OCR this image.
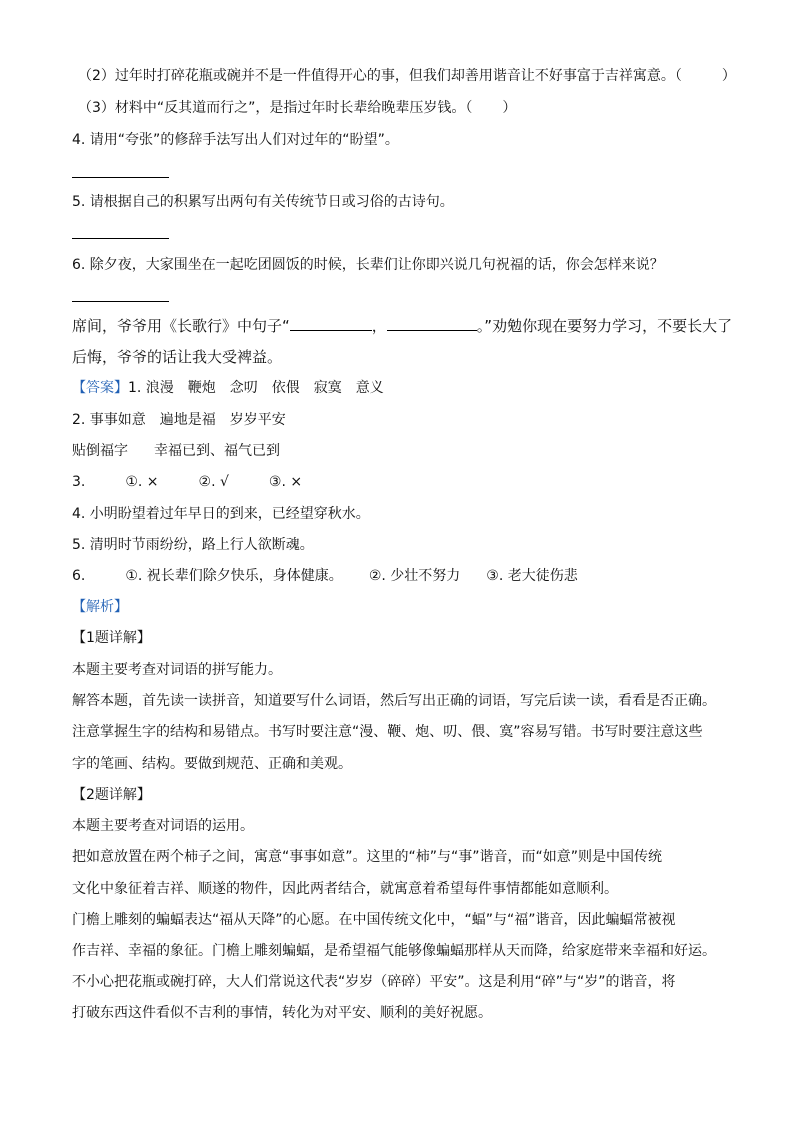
（2）过年时打碎花瓶或碗并不是一件值得开心的事，但我们却善用谐音让不好事富于吉祥寓意。（	）
（3）材料中“反其道而行之”，是指过年时长辈给晚辈压岁钱。（ ）
4. 请用“夸张”的修辞手法写出人们对过年的“盼望”。
5. 请根据自己的积累写出两句有关传统节日或习俗的古诗句。
6. 除夕夜，大家围坐在一起吃团圆饭的时候，长辈们让你即兴说几句祝福的话，你会怎样来说？
席间，爷爷用《长歌行》中句子“	，	。”劝勉你现在要努力学习，不要长大了
后悔，爷爷的话让我大受裨益。
【答案】1. 浪漫　鞭炮　念叨　依偎　寂寞　意义
2. 事事如意　遍地是福　岁岁平安
贴倒福字 幸福已到、福气已到
3.	①. ×	②. √	③. ×
4. 小明盼望着过年早日的到来，已经望穿秋水。
5. 清明时节雨纷纷，路上行人欲断魂。
6.	①. 祝长辈们除夕快乐，身体健康。 ②. 少壮不努力 ③. 老大徒伤悲
【解析】
【1题详解】
本题主要考查对词语的拼写能力。
解答本题，首先读一读拼音，知道要写什么词语，然后写出正确的词语，写完后读一读，看看是否正确。
注意掌握生字的结构和易错点。书写时要注意“漫、鞭、炮、叨、偎、寞”容易写错。书写时要注意这些
字的笔画、结构。要做到规范、正确和美观。
【2题详解】
本题主要考查对词语的运用。
把如意放置在两个柿子之间，寓意“事事如意”。这里的“柿”与“事”谐音，而“如意”则是中国传统
文化中象征着吉祥、顺遂的物件，因此两者结合，就寓意着希望每件事情都能如意顺利。
门檐上雕刻的蝙蝠表达“福从天降”的心愿。在中国传统文化中，“蝠”与“福”谐音，因此蝙蝠常被视
作吉祥、幸福的象征。门檐上雕刻蝙蝠，是希望福气能够像蝙蝠那样从天而降，给家庭带来幸福和好运。
不小心把花瓶或碗打碎，大人们常说这代表“岁岁（碎碎）平安”。这是利用“碎”与“岁”的谐音，将
打破东西这件看似不吉利的事情，转化为对平安、顺利的美好祝愿。
